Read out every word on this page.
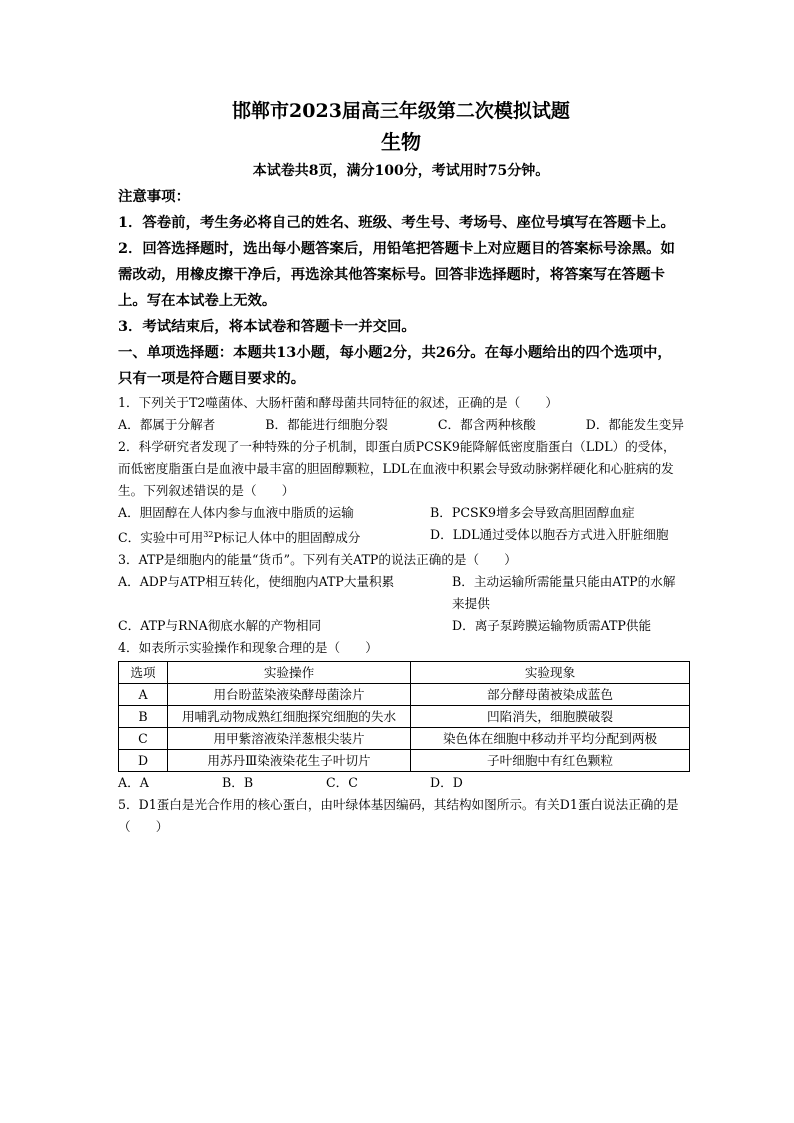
邯郸市2023届高三年级第二次模拟试题

生物

本试卷共8页，满分100分，考试用时75分钟。

注意事项：

1．答卷前，考生务必将自己的姓名、班级、考生号、考场号、座位号填写在答题卡上。

2．回答选择题时，选出每小题答案后，用铅笔把答题卡上对应题目的答案标号涂黑。如需改动，用橡皮擦干净后，再选涂其他答案标号。回答非选择题时，将答案写在答题卡上。写在本试卷上无效。

3．考试结束后，将本试卷和答题卡一并交回。

一、单项选择题：本题共13小题，每小题2分，共26分。在每小题给出的四个选项中，只有一项是符合题目要求的。

1．下列关于T2噬菌体、大肠杆菌和酵母菌共同特征的叙述，正确的是（　　）

A．都属于分解者	B．都能进行细胞分裂	C．都含两种核酸	D．都能发生变异

2．科学研究者发现了一种特殊的分子机制，即蛋白质PCSK9能降解低密度脂蛋白（LDL）的受体，而低密度脂蛋白是血液中最丰富的胆固醇颗粒，LDL在血液中积累会导致动脉粥样硬化和心脏病的发生。下列叙述错误的是（　　）

A．胆固醇在人体内参与血液中脂质的运输	B．PCSK9增多会导致高胆固醇血症
C．实验中可用$^{32}$P标记人体中的胆固醇成分	D．LDL通过受体以胞吞方式进入肝脏细胞

3．ATP是细胞内的能量“货币”。下列有关ATP的说法正确的是（　　）

A．ADP与ATP相互转化，使细胞内ATP大量积累	B．主动运输所需能量只能由ATP的水解来提供
C．ATP与RNA彻底水解的产物相同	D．离子泵跨膜运输物质需ATP供能

4．如表所示实验操作和现象合理的是（　　）

选项	实验操作	实验现象
A	用台盼蓝染液染酵母菌涂片	部分酵母菌被染成蓝色
B	用哺乳动物成熟红细胞探究细胞的失水	凹陷消失，细胞膜破裂
C	用甲紫溶液染洋葱根尖装片	染色体在细胞中移动并平均分配到两极
D	用苏丹Ⅲ染液染花生子叶切片	子叶细胞中有红色颗粒
A．A	B．B	C．C	D．D

5．D1蛋白是光合作用的核心蛋白，由叶绿体基因编码，其结构如图所示。有关D1蛋白说法正确的是（　　）
